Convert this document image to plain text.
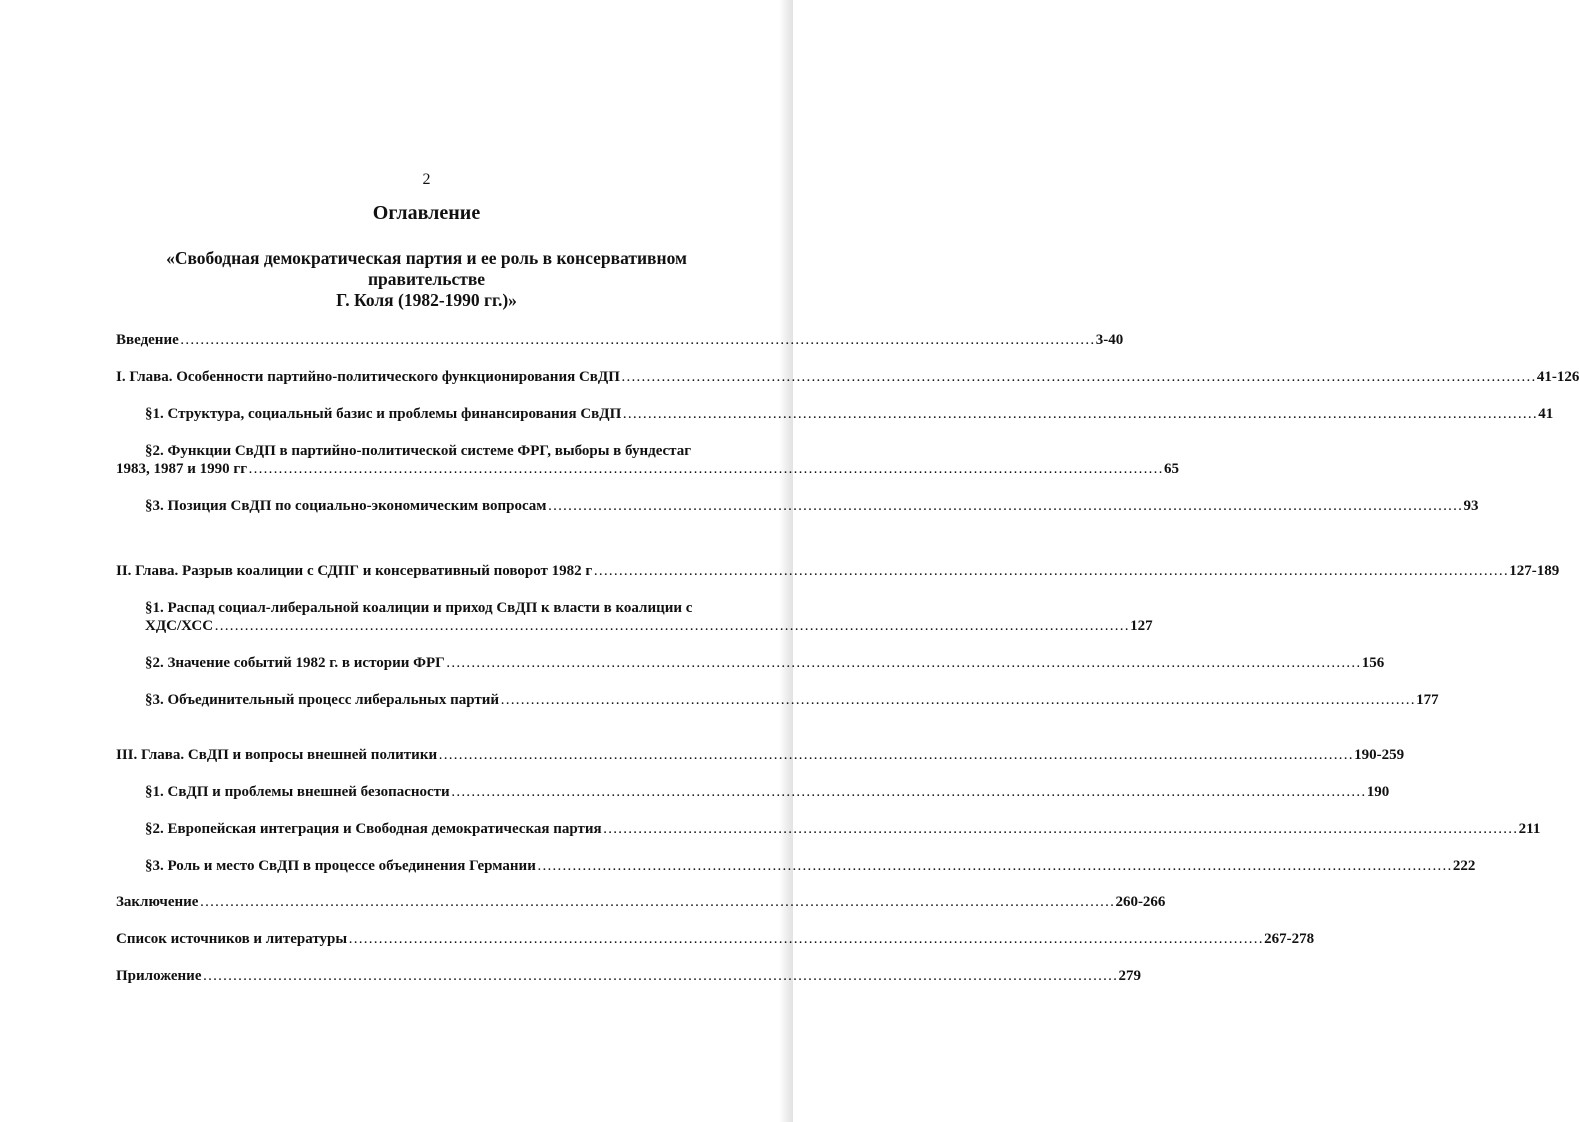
2
Оглавление
«Свободная демократическая партия и ее роль в консервативном
правительстве
Г. Коля (1982-1990 гг.)»
Введение …………………………………………………………………………………………………………………………………………………………………	3-40
I. Глава. Особенности партийно-политического функционирования СвДП …………………………………………………………………………………………………………………………………………………………………	41-126
§1. Структура, социальный базис и проблемы финансирования СвДП …………………………………………………………………………………………………………………………………………………………………	41
§2. Функции СвДП в партийно-политической системе ФРГ, выборы в бундестаг
1983, 1987 и 1990 гг …………………………………………………………………………………………………………………………………………………………………	65
§3. Позиция СвДП по социально-экономическим вопросам …………………………………………………………………………………………………………………………………………………………………	93
II. Глава. Разрыв коалиции с СДПГ и консервативный поворот 1982 г …………………………………………………………………………………………………………………………………………………………………	127-189
§1. Распад социал-либеральной коалиции и приход СвДП к власти в коалиции с
ХДС/ХСС …………………………………………………………………………………………………………………………………………………………………	127
§2. Значение событий 1982 г. в истории ФРГ …………………………………………………………………………………………………………………………………………………………………	156
§3. Объединительный процесс либеральных партий …………………………………………………………………………………………………………………………………………………………………	177
III. Глава. СвДП и вопросы внешней политики …………………………………………………………………………………………………………………………………………………………………	190-259
§1. СвДП и проблемы внешней безопасности …………………………………………………………………………………………………………………………………………………………………	190
§2. Европейская интеграция и Свободная демократическая партия …………………………………………………………………………………………………………………………………………………………………	211
§3. Роль и место СвДП в процессе объединения Германии …………………………………………………………………………………………………………………………………………………………………	222
Заключение …………………………………………………………………………………………………………………………………………………………………	260-266
Список источников и литературы …………………………………………………………………………………………………………………………………………………………………	267-278
Приложение …………………………………………………………………………………………………………………………………………………………………	279
